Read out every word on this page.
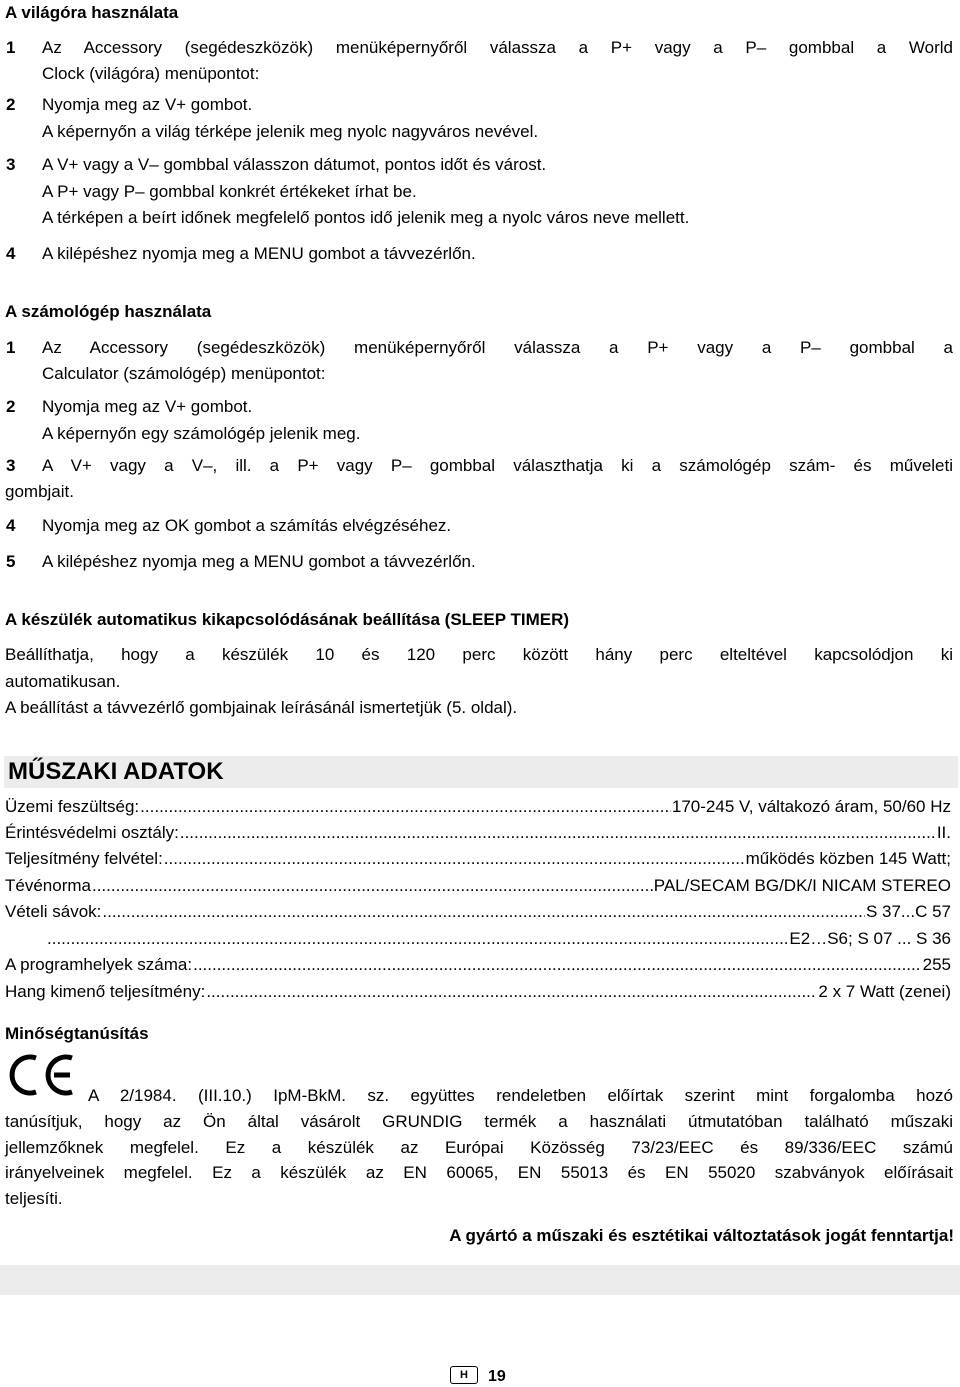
A világóra használata
1 Az Accessory (segédeszközök) menüképernyőről válassza a P+ vagy a P– gombbal a World
Clock (világóra) menüpontot:
2 Nyomja meg az V+ gombot.
A képernyőn a világ térképe jelenik meg nyolc nagyváros nevével.
3 A V+ vagy a V– gombbal válasszon dátumot, pontos időt és várost.
A P+ vagy P– gombbal konkrét értékeket írhat be.
A térképen a beírt időnek megfelelő pontos idő jelenik meg a nyolc város neve mellett.
4 A kilépéshez nyomja meg a MENU gombot a távvezérlőn.
A számológép használata
1 Az Accessory (segédeszközök) menüképernyőről válassza a P+ vagy a P– gombbal a
Calculator (számológép) menüpontot:
2 Nyomja meg az V+ gombot.
A képernyőn egy számológép jelenik meg.
3 A V+ vagy a V–, ill. a P+ vagy P– gombbal választhatja ki a számológép szám- és műveleti
gombjait.
4 Nyomja meg az OK gombot a számítás elvégzéséhez.
5 A kilépéshez nyomja meg a MENU gombot a távvezérlőn.
A készülék automatikus kikapcsolódásának beállítása (SLEEP TIMER)
Beállíthatja, hogy a készülék 10 és 120 perc között hány perc elteltével kapcsolódjon ki
automatikusan.
A beállítást a távvezérlő gombjainak leírásánál ismertetjük (5. oldal).
MŰSZAKI ADATOK
Üzemi feszültség: .....	170-245 V, váltakozó áram, 50/60 Hz
Érintésvédelmi osztály: .....	II.
Teljesítmény felvétel: .....	működés közben 145 Watt;
Tévénorma .....	PAL/SECAM BG/DK/I NICAM STEREO
Vételi sávok: .....	S 37...C 57
.....
E2…S6; S 07 ... S 36
A programhelyek száma: .....	255
Hang kimenő teljesítmény: .....	2 x 7 Watt (zenei)
Minőségtanúsítás
A 2/1984. (III.10.) IpM-BkM. sz. együttes rendeletben előírtak szerint mint forgalomba hozó
tanúsítjuk, hogy az Ön által vásárolt GRUNDIG termék a használati útmutatóban található műszaki
jellemzőknek megfelel. Ez a készülék az Európai Közösség 73/23/EEC és 89/336/EEC számú
irányelveinek megfelel. Ez a készülék az EN 60065, EN 55013 és EN 55020 szabványok előírásait
teljesíti.
A gyártó a műszaki és esztétikai változtatások jogát fenntartja!
H	19
